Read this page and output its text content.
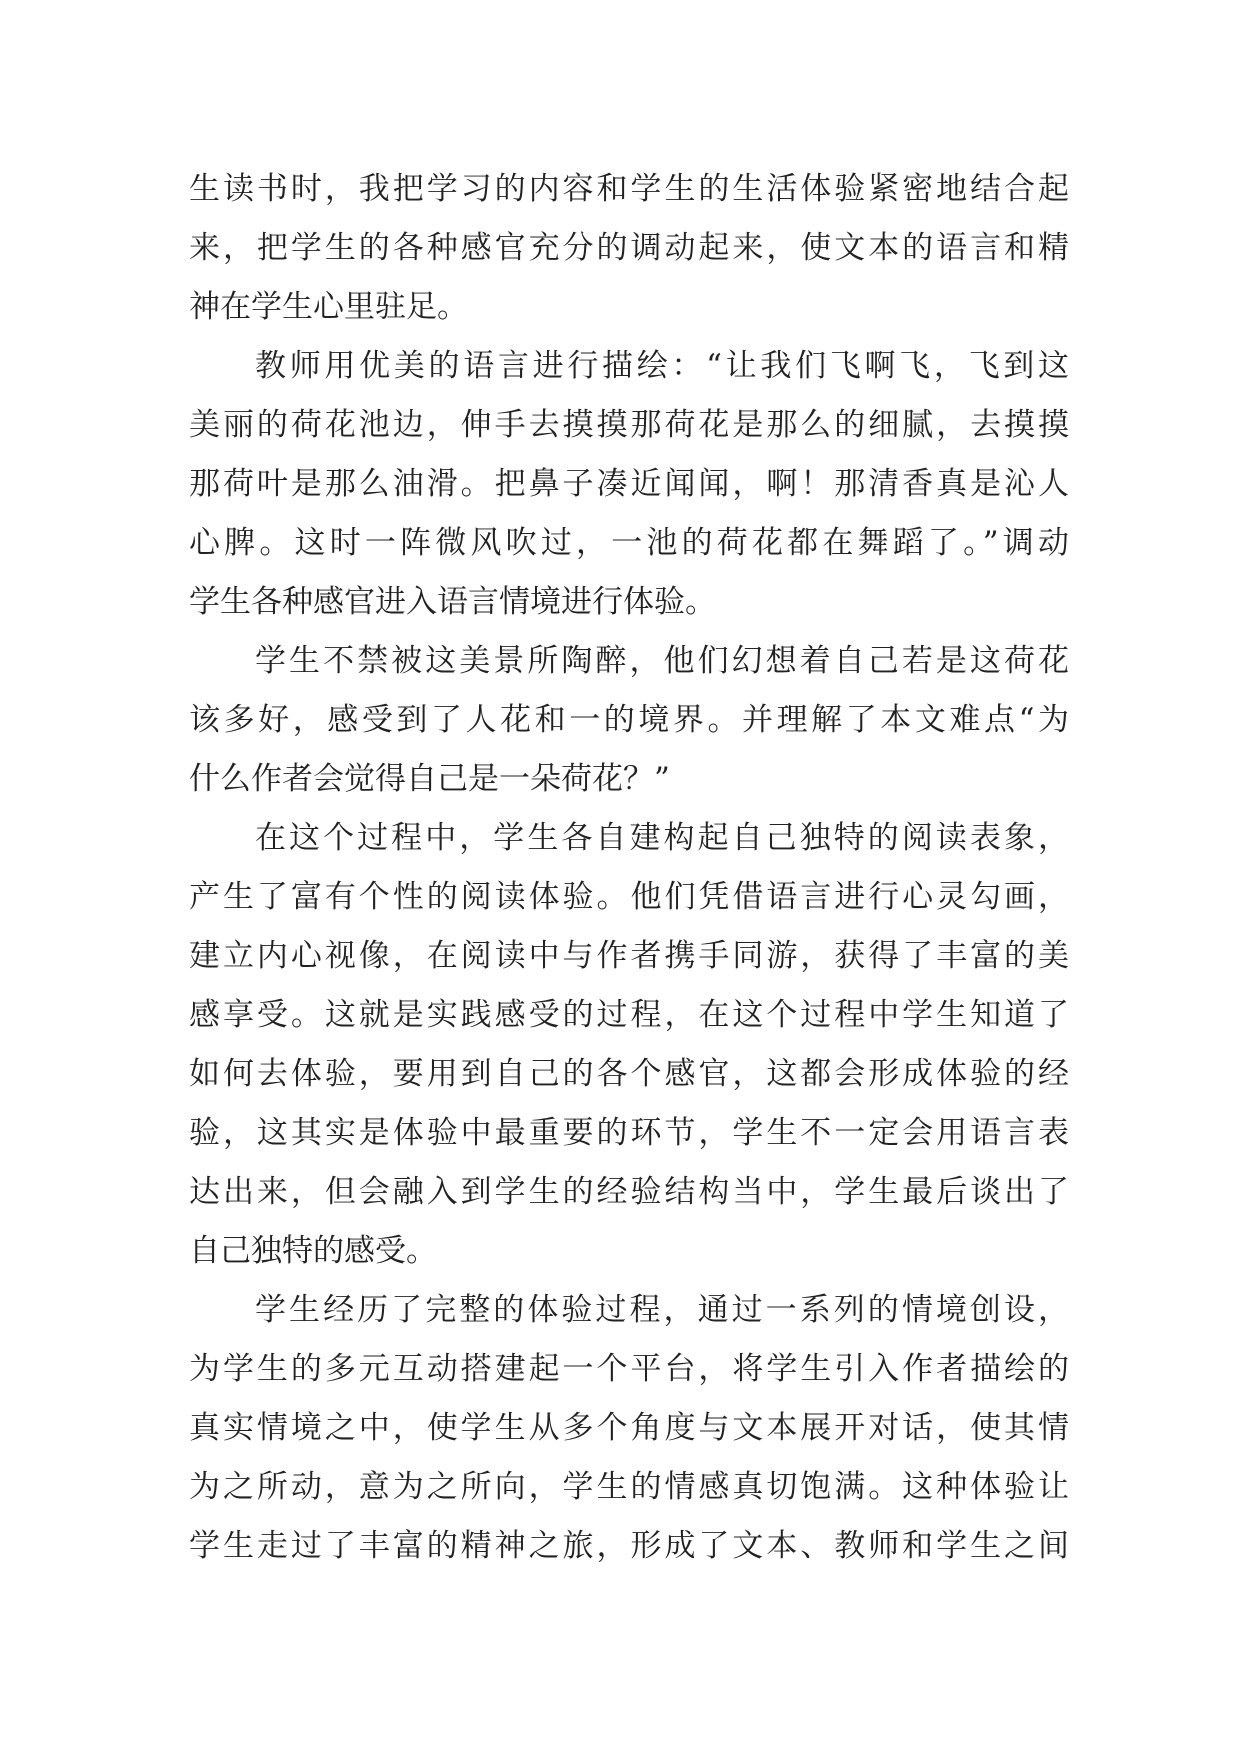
生读书时，我把学习的内容和学生的生活体验紧密地结合起
来，把学生的各种感官充分的调动起来，使文本的语言和精
神在学生心里驻足。
教师用优美的语言进行描绘：“让我们飞啊飞，飞到这
美丽的荷花池边，伸手去摸摸那荷花是那么的细腻，去摸摸
那荷叶是那么油滑。把鼻子凑近闻闻，啊！那清香真是沁人
心脾。这时一阵微风吹过，一池的荷花都在舞蹈了。”调动
学生各种感官进入语言情境进行体验。
学生不禁被这美景所陶醉，他们幻想着自己若是这荷花
该多好，感受到了人花和一的境界。并理解了本文难点“为
什么作者会觉得自己是一朵荷花？”
在这个过程中，学生各自建构起自己独特的阅读表象，
产生了富有个性的阅读体验。他们凭借语言进行心灵勾画，
建立内心视像，在阅读中与作者携手同游，获得了丰富的美
感享受。这就是实践感受的过程，在这个过程中学生知道了
如何去体验，要用到自己的各个感官，这都会形成体验的经
验，这其实是体验中最重要的环节，学生不一定会用语言表
达出来，但会融入到学生的经验结构当中，学生最后谈出了
自己独特的感受。
学生经历了完整的体验过程，通过一系列的情境创设，
为学生的多元互动搭建起一个平台，将学生引入作者描绘的
真实情境之中，使学生从多个角度与文本展开对话，使其情
为之所动，意为之所向，学生的情感真切饱满。这种体验让
学生走过了丰富的精神之旅，形成了文本、教师和学生之间
